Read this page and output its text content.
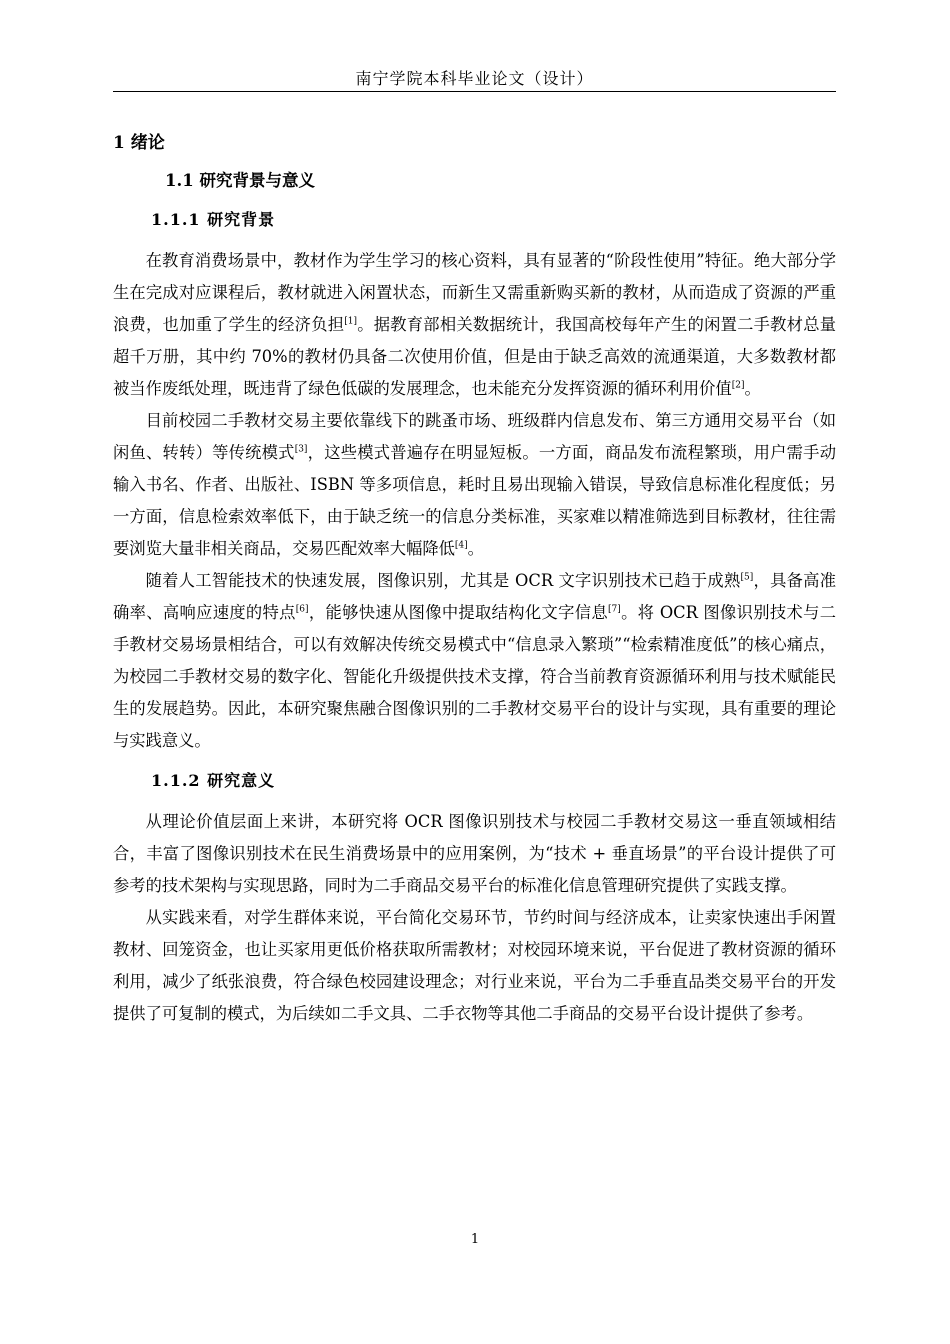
南宁学院本科毕业论文（设计）
1 绪论
1.1 研究背景与意义
1.1.1 研究背景

在教育消费场景中，教材作为学生学习的核心资料，具有显著的“阶段性使用”特征。绝大部分学生在完成对应课程后，教材就进入闲置状态，而新生又需重新购买新的教材，从而造成了资源的严重浪费，也加重了学生的经济负担[1]。据教育部相关数据统计，我国高校每年产生的闲置二手教材总量超千万册，其中约 70%的教材仍具备二次使用价值，但是由于缺乏高效的流通渠道，大多数教材都被当作废纸处理，既违背了绿色低碳的发展理念，也未能充分发挥资源的循环利用价值[2]。

目前校园二手教材交易主要依靠线下的跳蚤市场、班级群内信息发布、第三方通用交易平台（如闲鱼、转转）等传统模式[3]，这些模式普遍存在明显短板。一方面，商品发布流程繁琐，用户需手动输入书名、作者、出版社、ISBN 等多项信息，耗时且易出现输入错误，导致信息标准化程度低；另一方面，信息检索效率低下，由于缺乏统一的信息分类标准，买家难以精准筛选到目标教材，往往需要浏览大量非相关商品，交易匹配效率大幅降低[4]。

随着人工智能技术的快速发展，图像识别，尤其是 OCR 文字识别技术已趋于成熟[5]，具备高准确率、高响应速度的特点[6]，能够快速从图像中提取结构化文字信息[7]。将 OCR 图像识别技术与二手教材交易场景相结合，可以有效解决传统交易模式中“信息录入繁琐”“检索精准度低”的核心痛点，为校园二手教材交易的数字化、智能化升级提供技术支撑，符合当前教育资源循环利用与技术赋能民生的发展趋势。因此，本研究聚焦融合图像识别的二手教材交易平台的设计与实现，具有重要的理论与实践意义。

1.1.2 研究意义

从理论价值层面上来讲，本研究将 OCR 图像识别技术与校园二手教材交易这一垂直领域相结合，丰富了图像识别技术在民生消费场景中的应用案例，为“技术 + 垂直场景”的平台设计提供了可参考的技术架构与实现思路，同时为二手商品交易平台的标准化信息管理研究提供了实践支撑。

从实践来看，对学生群体来说，平台简化交易环节，节约时间与经济成本，让卖家快速出手闲置教材、回笼资金，也让买家用更低价格获取所需教材；对校园环境来说，平台促进了教材资源的循环利用，减少了纸张浪费，符合绿色校园建设理念；对行业来说，平台为二手垂直品类交易平台的开发提供了可复制的模式，为后续如二手文具、二手衣物等其他二手商品的交易平台设计提供了参考。

1
